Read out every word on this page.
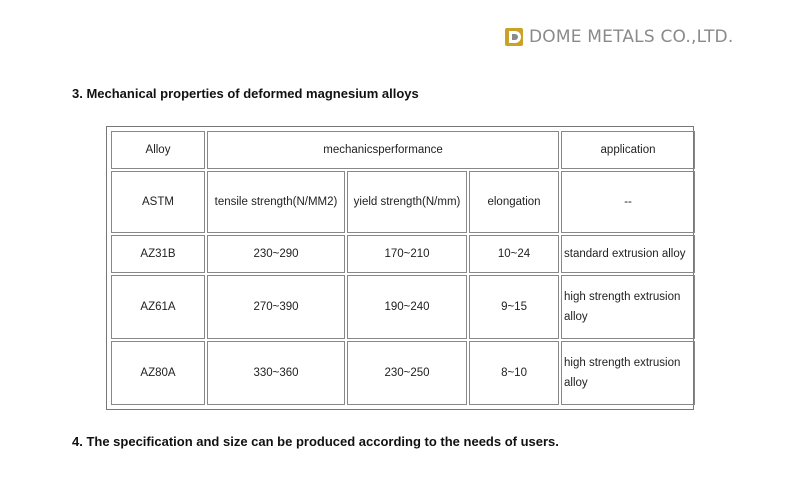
DOME METALS CO.,LTD.
3. Mechanical properties of deformed magnesium alloys
Alloy	mechanicsperformance			application
ASTM	tensile strength(N/MM2)	yield strength(N/mm)	elongation	--
AZ31B	230~290	170~210	10~24	standard extrusion alloy
AZ61A	270~390	190~240	9~15	high strength extrusion alloy
AZ80A	330~360	230~250	8~10	high strength extrusion alloy
4. The specification and size can be produced according to the needs of users.
